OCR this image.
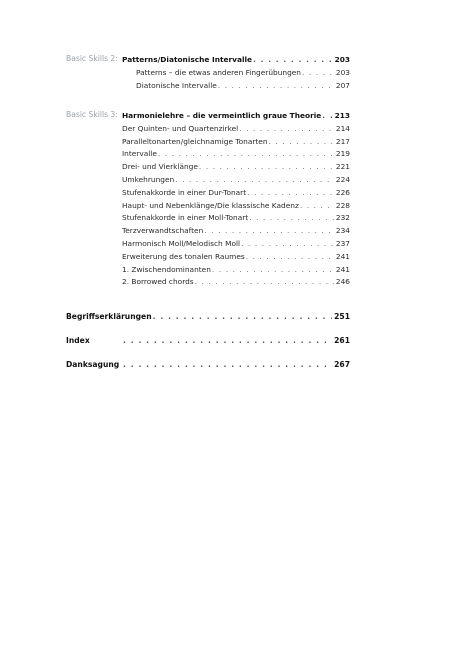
Basic Skills 2: Patterns/Diatonische Intervalle . . .	203
Patterns – die etwas anderen Fingerübungen . . .	203
Diatonische Intervalle . . .	207
Basic Skills 3: Harmonielehre – die vermeintlich graue Theorie . . . 213
Der Quinten- und Quartenzirkel . . .	214
Paralleltonarten/gleichnamige Tonarten . . .	217
Intervalle . . .	219
Drei- und Vierklänge . . .	221
Umkehrungen . . .	224
Stufenakkorde in einer Dur-Tonart . . .	226
Haupt- und Nebenklänge/Die klassische Kadenz . . .	228
Stufenakkorde in einer Moll-Tonart . . .	232
Terzverwandtschaften . . .	234
Harmonisch Moll/Melodisch Moll . . .	237
Erweiterung des tonalen Raumes . . .	241
1. Zwischendominanten . . .	241
2. Borrowed chords . . .	246
Begriffserklärungen . . .	251
Index . . .	261
Danksagung . . .	267
